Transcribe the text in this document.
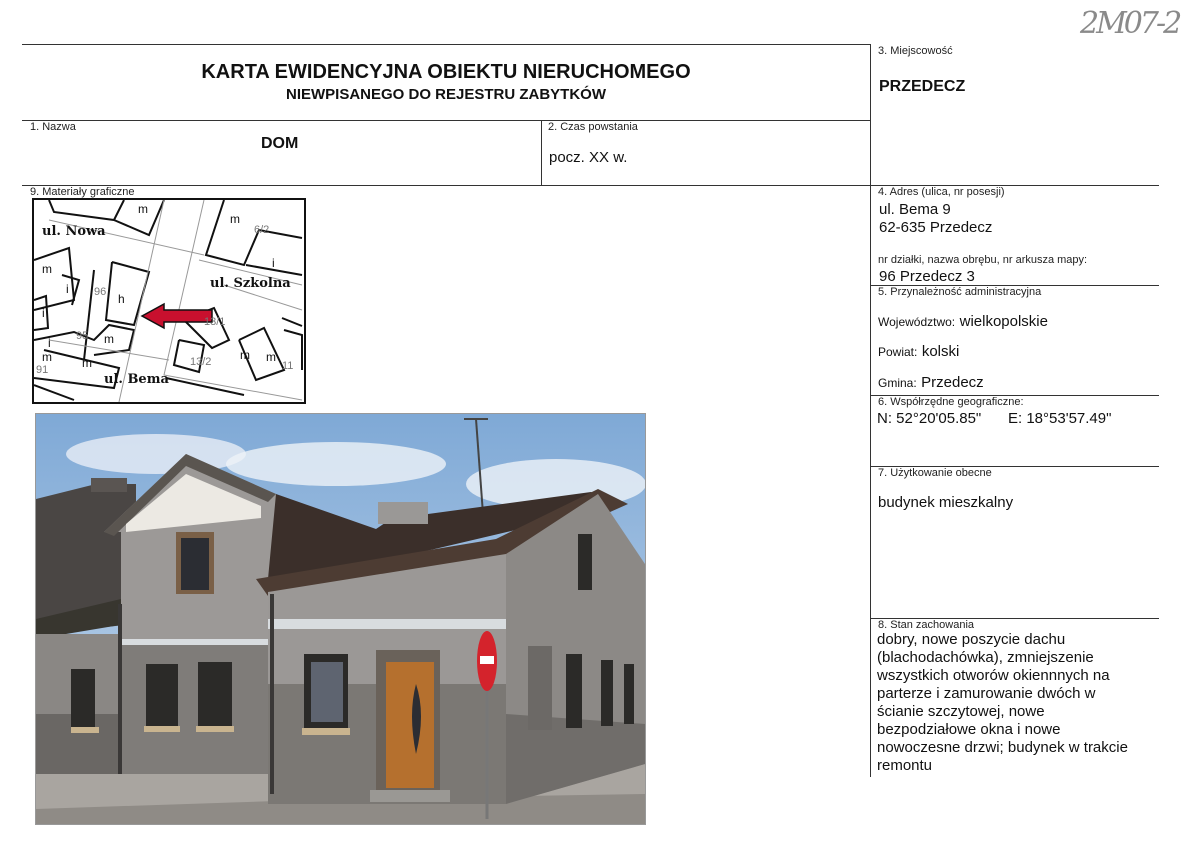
2M07-2
KARTA EWIDENCYJNA OBIEKTU NIERUCHOMEGO
NIEWPISANEGO DO REJESTRU ZABYTKÓW
3. Miejscowość
PRZEDECZ
1. Nazwa
DOM
2. Czas powstania
pocz. XX w.
9. Materiały graficzne	4. Adres (ulica, nr posesji)
ul. Bema 9
62-635 Przedecz
nr działki, nazwa obrębu, nr arkusza mapy:
96 Przedecz 3
5. Przynależność administracyjna
Województwo: wielkopolskie
Powiat: kolski
Gmina: Przedecz
6. Współrzędne geograficzne:
N: 52°20'05.85" E: 18°53'57.49"
7. Użytkowanie obecne
budynek mieszkalny
8. Stan zachowania
dobry, nowe poszycie dachu
(blachodachówka), zmniejszenie
wszystkich otworów okiennnych na
parterze i zamurowanie dwóch w
ścianie szczytowej, nowe
bezpodziałowe okna i nowe
nowoczesne drzwi; budynek w trakcie
remontu
ul. Nowa
ul. Szkolna
ul. Bema
m
m
6/2
i
m
i 96 h
13/1
i
95 m
i
m
m	13/2 m m
11
91
